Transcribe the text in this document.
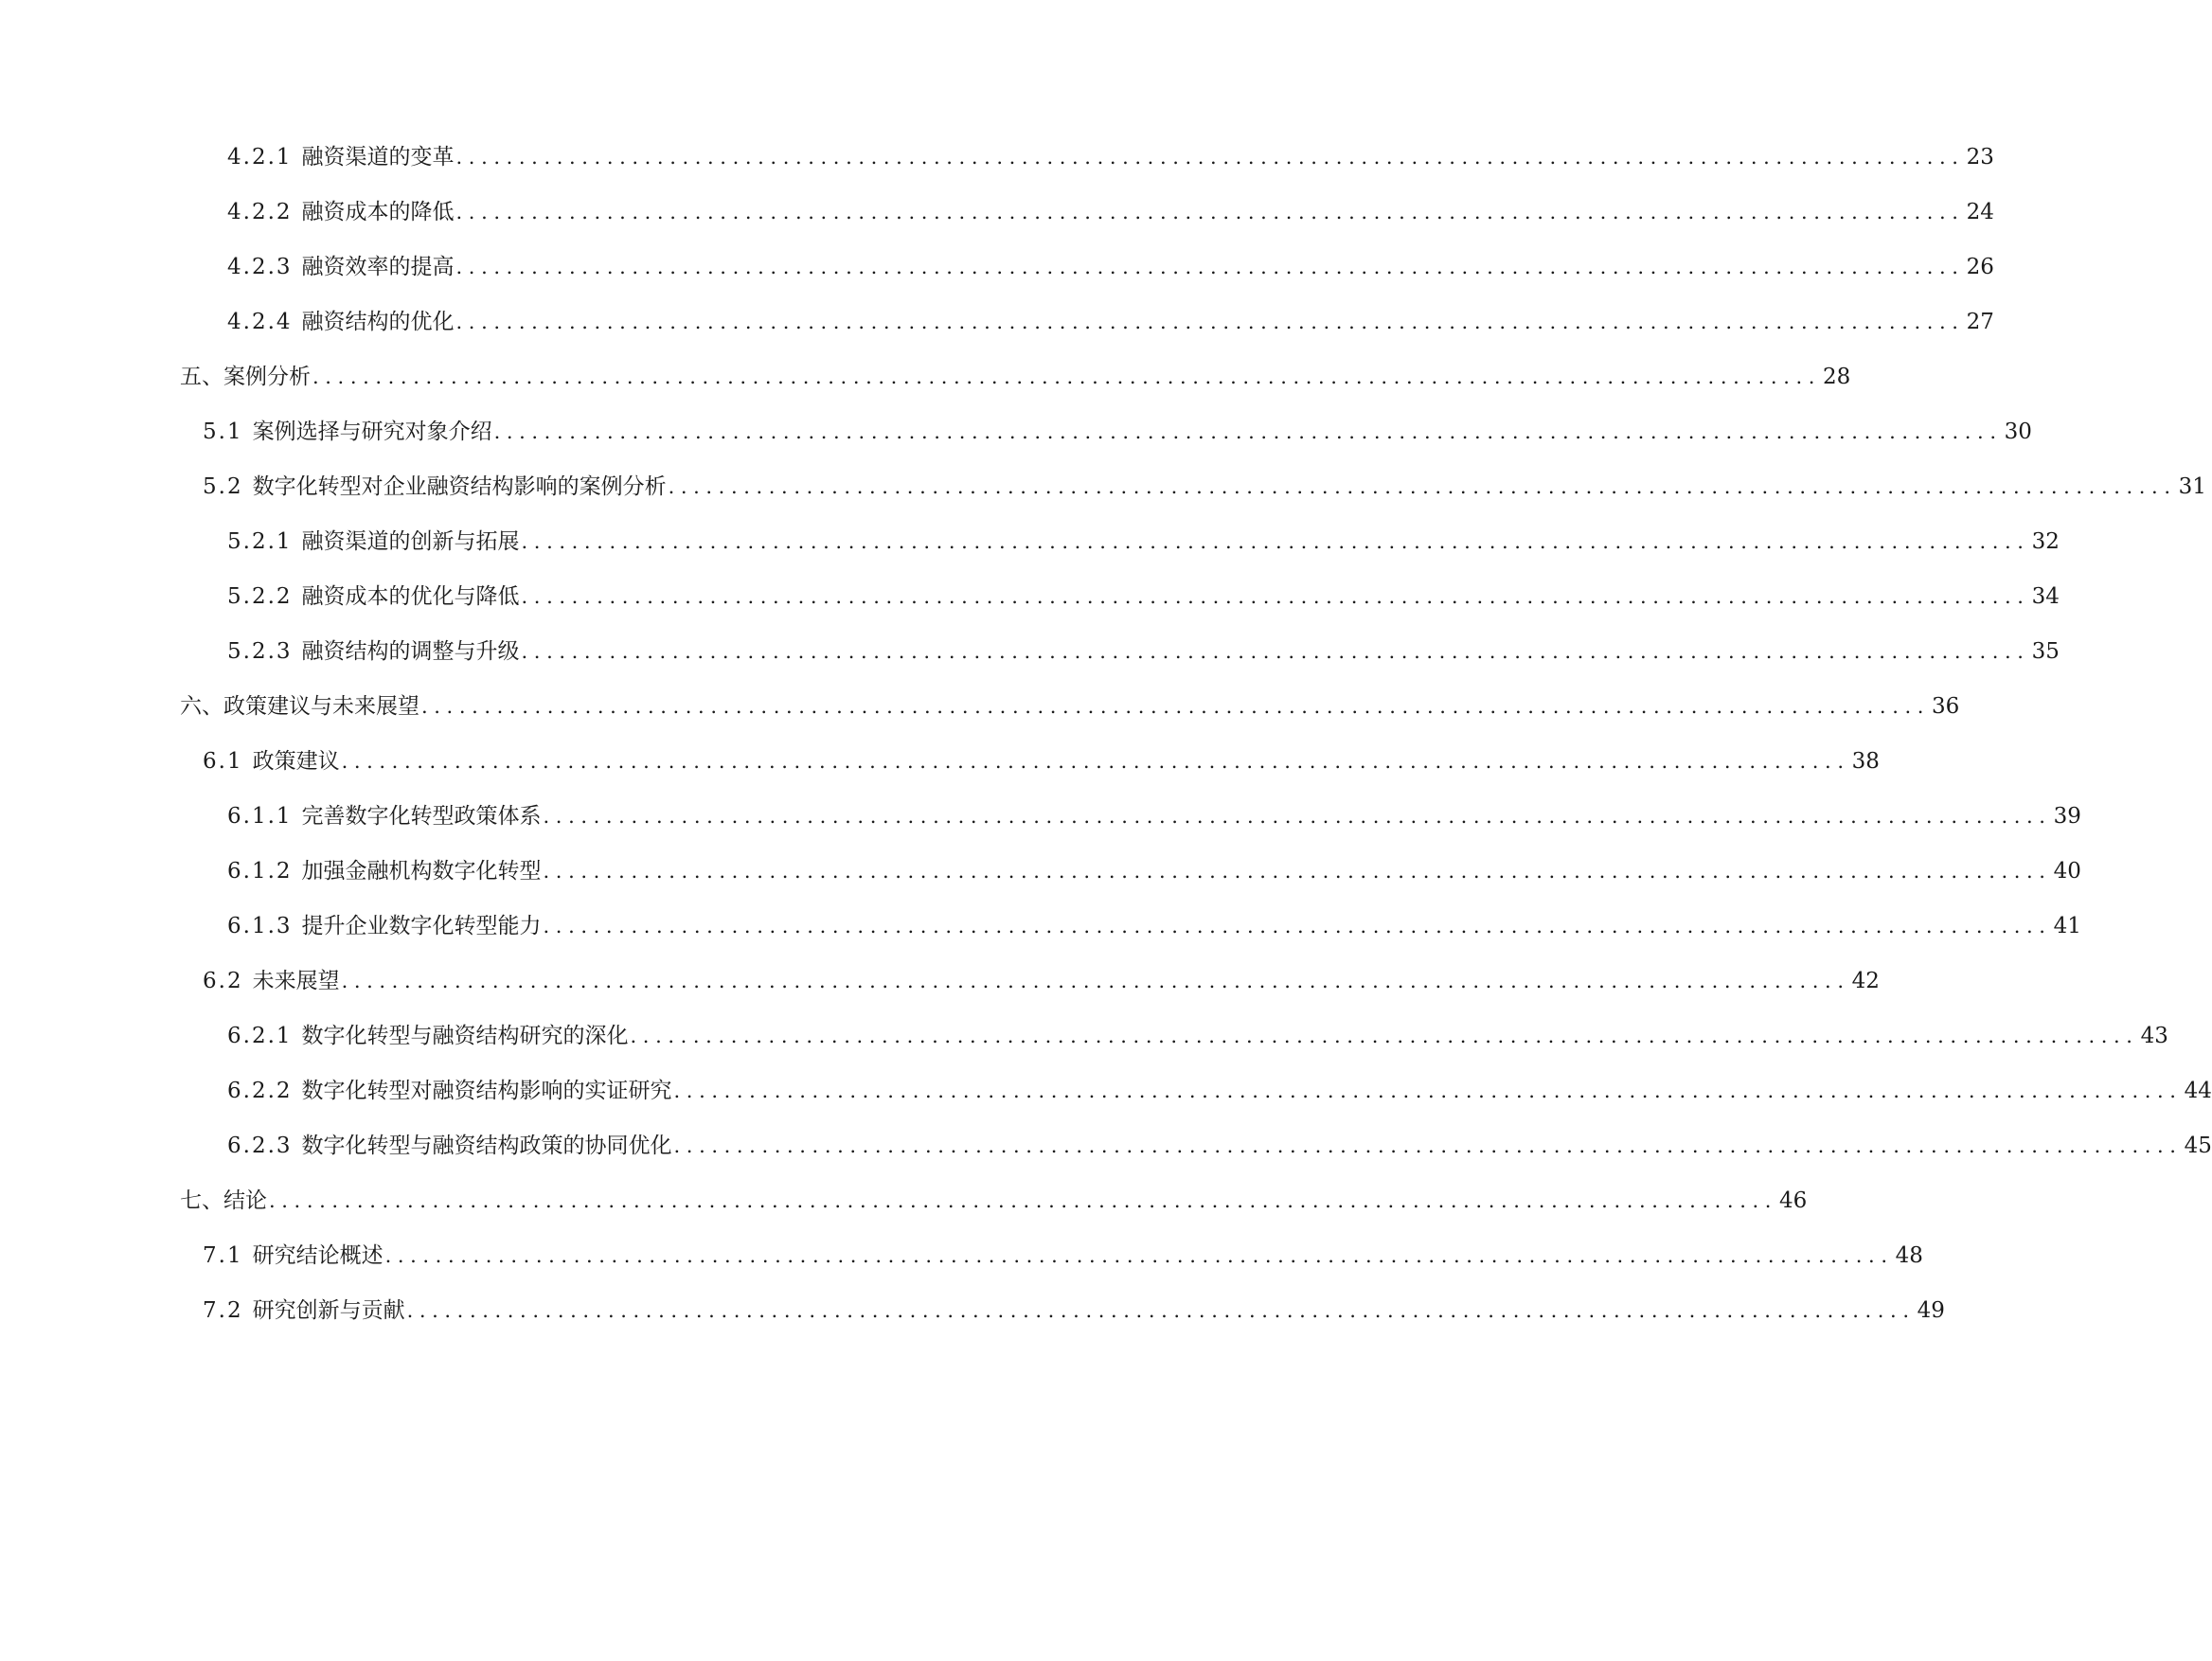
4.2.1 融资渠道的变革 ........................................................................................................................ 23
4.2.2 融资成本的降低 ........................................................................................................................ 24
4.2.3 融资效率的提高 ........................................................................................................................ 26
4.2.4 融资结构的优化 ........................................................................................................................ 27
五、案例分析 ........................................................................................................................ 28
5.1 案例选择与研究对象介绍 ........................................................................................................................ 30
5.2 数字化转型对企业融资结构影响的案例分析 ........................................................................................................................ 31
5.2.1 融资渠道的创新与拓展 ........................................................................................................................ 32
5.2.2 融资成本的优化与降低 ........................................................................................................................ 34
5.2.3 融资结构的调整与升级 ........................................................................................................................ 35
六、政策建议与未来展望 ........................................................................................................................ 36
6.1 政策建议 ........................................................................................................................ 38
6.1.1 完善数字化转型政策体系 ........................................................................................................................ 39
6.1.2 加强金融机构数字化转型 ........................................................................................................................ 40
6.1.3 提升企业数字化转型能力 ........................................................................................................................ 41
6.2 未来展望 ........................................................................................................................ 42
6.2.1 数字化转型与融资结构研究的深化 ........................................................................................................................ 43
6.2.2 数字化转型对融资结构影响的实证研究 ........................................................................................................................ 44
6.2.3 数字化转型与融资结构政策的协同优化 ........................................................................................................................ 45
七、结论 ........................................................................................................................ 46
7.1 研究结论概述 ........................................................................................................................ 48
7.2 研究创新与贡献 ........................................................................................................................ 49
